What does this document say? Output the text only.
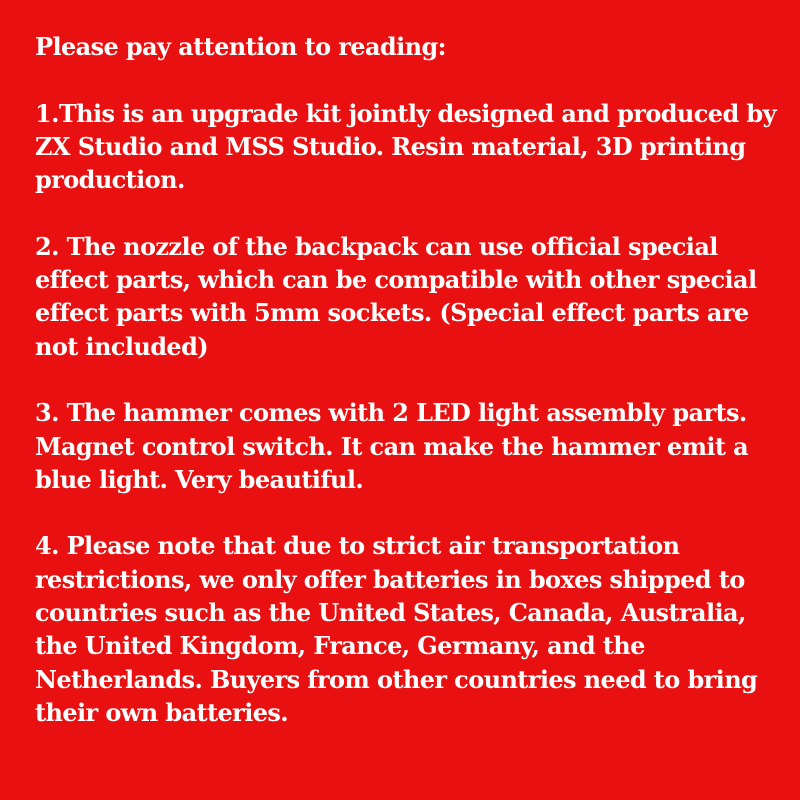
Please pay attention to reading:

1.This is an upgrade kit jointly designed and produced by ZX Studio and MSS Studio. Resin material, 3D printing production.

2. The nozzle of the backpack can use official special effect parts, which can be compatible with other special effect parts with 5mm sockets. (Special effect parts are not included)

3. The hammer comes with 2 LED light assembly parts. Magnet control switch. It can make the hammer emit a blue light. Very beautiful.

4. Please note that due to strict air transportation restrictions, we only offer batteries in boxes shipped to countries such as the United States, Canada, Australia, the United Kingdom, France, Germany, and the Netherlands. Buyers from other countries need to bring their own batteries.
